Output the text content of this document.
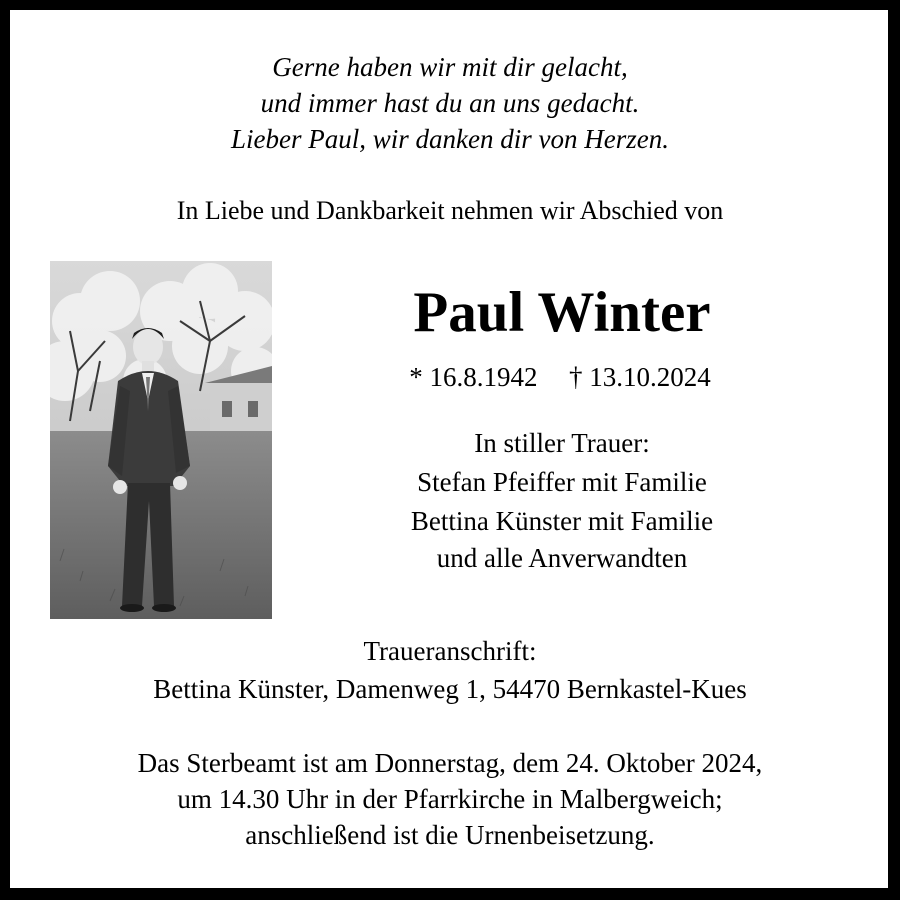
Gerne haben wir mit dir gelacht,
und immer hast du an uns gedacht.
Lieber Paul, wir danken dir von Herzen.
In Liebe und Dankbarkeit nehmen wir Abschied von
Paul Winter
* 16.8.1942 † 13.10.2024
In stiller Trauer:
Stefan Pfeiffer mit Familie
Bettina Künster mit Familie
und alle Anverwandten
Traueranschrift:
Bettina Künster, Damenweg 1, 54470 Bernkastel-Kues
Das Sterbeamt ist am Donnerstag, dem 24. Oktober 2024,
um 14.30 Uhr in der Pfarrkirche in Malbergweich;
anschließend ist die Urnenbeisetzung.
